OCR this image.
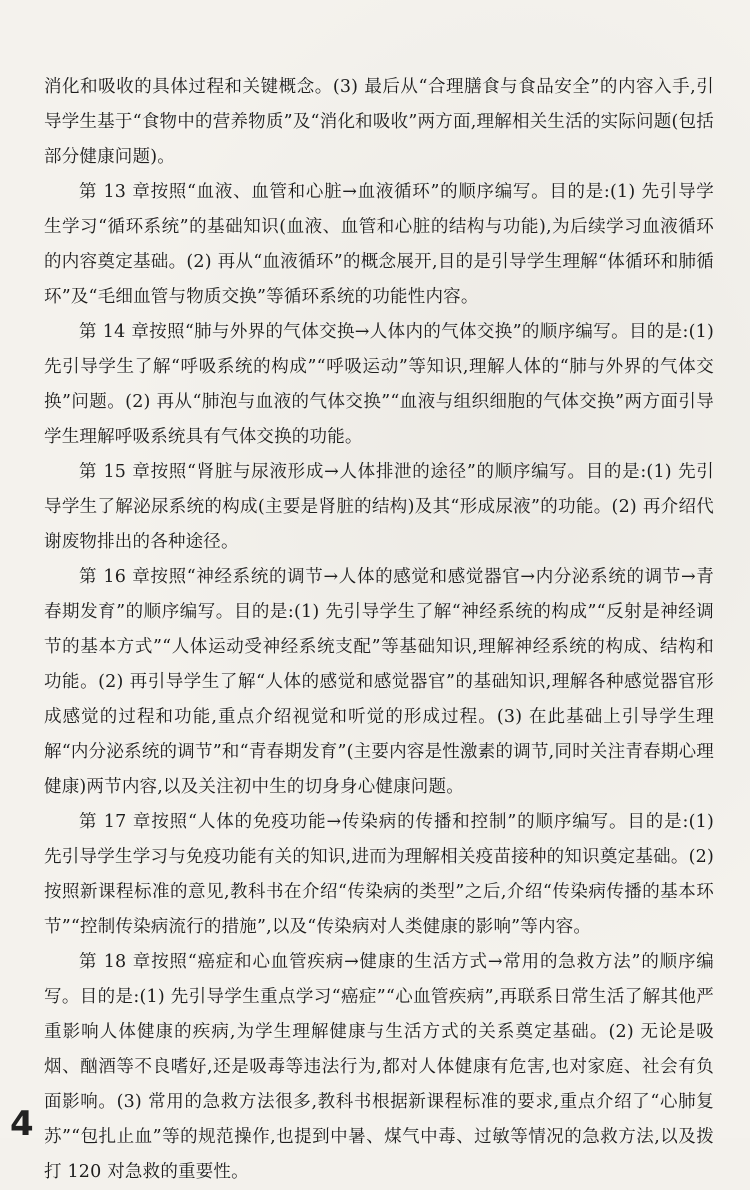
消化和吸收的具体过程和关键概念。(3) 最后从“合理膳食与食品安全”的内容入手,引导学生基于“食物中的营养物质”及“消化和吸收”两方面,理解相关生活的实际问题(包括部分健康问题)。

第 13 章按照“血液、血管和心脏→血液循环”的顺序编写。目的是:(1) 先引导学生学习“循环系统”的基础知识(血液、血管和心脏的结构与功能),为后续学习血液循环的内容奠定基础。(2) 再从“血液循环”的概念展开,目的是引导学生理解“体循环和肺循环”及“毛细血管与物质交换”等循环系统的功能性内容。

第 14 章按照“肺与外界的气体交换→人体内的气体交换”的顺序编写。目的是:(1) 先引导学生了解“呼吸系统的构成”“呼吸运动”等知识,理解人体的“肺与外界的气体交换”问题。(2) 再从“肺泡与血液的气体交换”“血液与组织细胞的气体交换”两方面引导学生理解呼吸系统具有气体交换的功能。

第 15 章按照“肾脏与尿液形成→人体排泄的途径”的顺序编写。目的是:(1) 先引导学生了解泌尿系统的构成(主要是肾脏的结构)及其“形成尿液”的功能。(2) 再介绍代谢废物排出的各种途径。

第 16 章按照“神经系统的调节→人体的感觉和感觉器官→内分泌系统的调节→青春期发育”的顺序编写。目的是:(1) 先引导学生了解“神经系统的构成”“反射是神经调节的基本方式”“人体运动受神经系统支配”等基础知识,理解神经系统的构成、结构和功能。(2) 再引导学生了解“人体的感觉和感觉器官”的基础知识,理解各种感觉器官形成感觉的过程和功能,重点介绍视觉和听觉的形成过程。(3) 在此基础上引导学生理解“内分泌系统的调节”和“青春期发育”(主要内容是性激素的调节,同时关注青春期心理健康)两节内容,以及关注初中生的切身身心健康问题。

第 17 章按照“人体的免疫功能→传染病的传播和控制”的顺序编写。目的是:(1) 先引导学生学习与免疫功能有关的知识,进而为理解相关疫苗接种的知识奠定基础。(2) 按照新课程标准的意见,教科书在介绍“传染病的类型”之后,介绍“传染病传播的基本环节”“控制传染病流行的措施”,以及“传染病对人类健康的影响”等内容。

第 18 章按照“癌症和心血管疾病→健康的生活方式→常用的急救方法”的顺序编写。目的是:(1) 先引导学生重点学习“癌症”“心血管疾病”,再联系日常生活了解其他严重影响人体健康的疾病,为学生理解健康与生活方式的关系奠定基础。(2) 无论是吸烟、酗酒等不良嗜好,还是吸毒等违法行为,都对人体健康有危害,也对家庭、社会有负面影响。(3) 常用的急救方法很多,教科书根据新课程标准的要求,重点介绍了“心肺复苏”“包扎止血”等的规范操作,也提到中暑、煤气中毒、过敏等情况的急救方法,以及拨打 120 对急救的重要性。

4
